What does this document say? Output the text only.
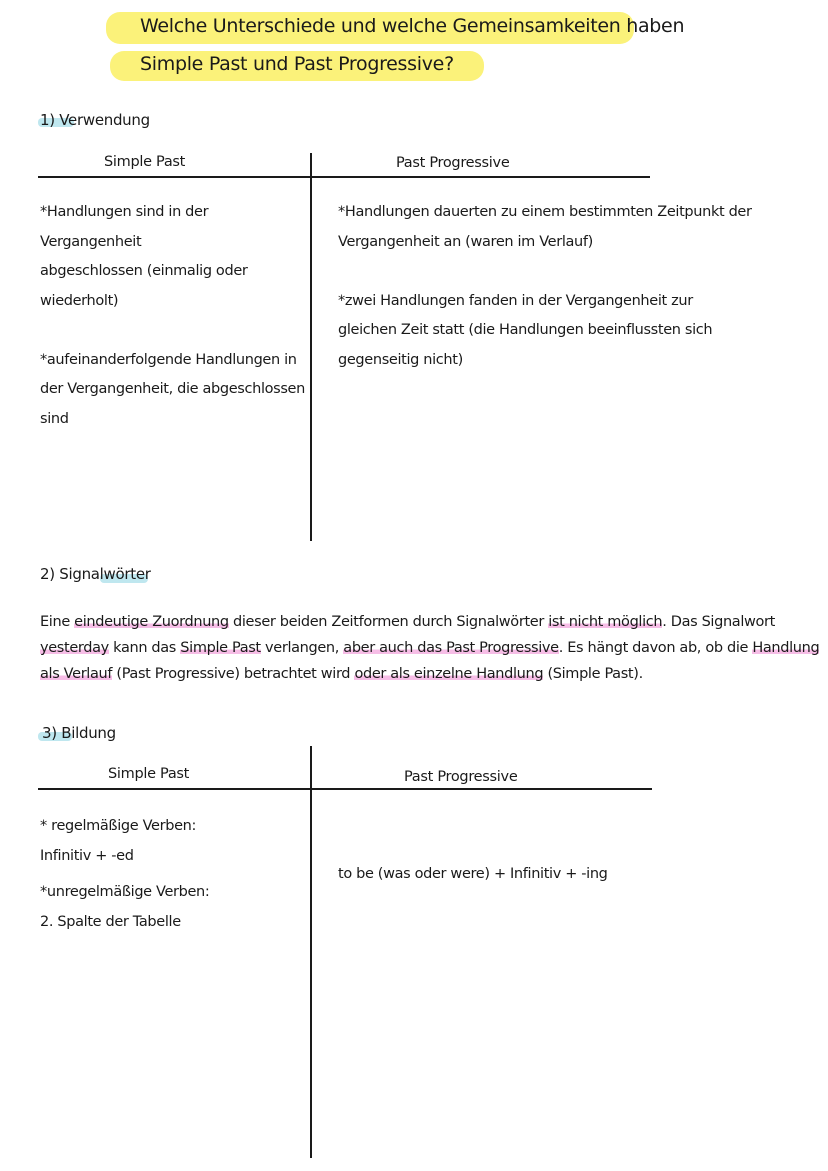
Welche Unterschiede und welche Gemeinsamkeiten haben
Simple Past und Past Progressive?
1) Verwendung
Simple Past	Past Progressive
*Handlungen sind in der
Vergangenheit
abgeschlossen (einmalig oder
wiederholt)
*aufeinanderfolgende Handlungen in
der Vergangenheit, die abgeschlossen
sind
*Handlungen dauerten zu einem bestimmten Zeitpunkt der
Vergangenheit an (waren im Verlauf)
*zwei Handlungen fanden in der Vergangenheit zur
gleichen Zeit statt (die Handlungen beeinflussten sich
gegenseitig nicht)
2) Signalwörter
Eine eindeutige Zuordnung dieser beiden Zeitformen durch Signalwörter ist nicht möglich. Das Signalwort
yesterday kann das Simple Past verlangen, aber auch das Past Progressive. Es hängt davon ab, ob die Handlung
als Verlauf (Past Progressive) betrachtet wird oder als einzelne Handlung (Simple Past).
3) Bildung
Simple Past	Past Progressive
* regelmäßige Verben:
Infinitiv + -ed
*unregelmäßige Verben:
2. Spalte der Tabelle
to be (was oder were) + Infinitiv + -ing
